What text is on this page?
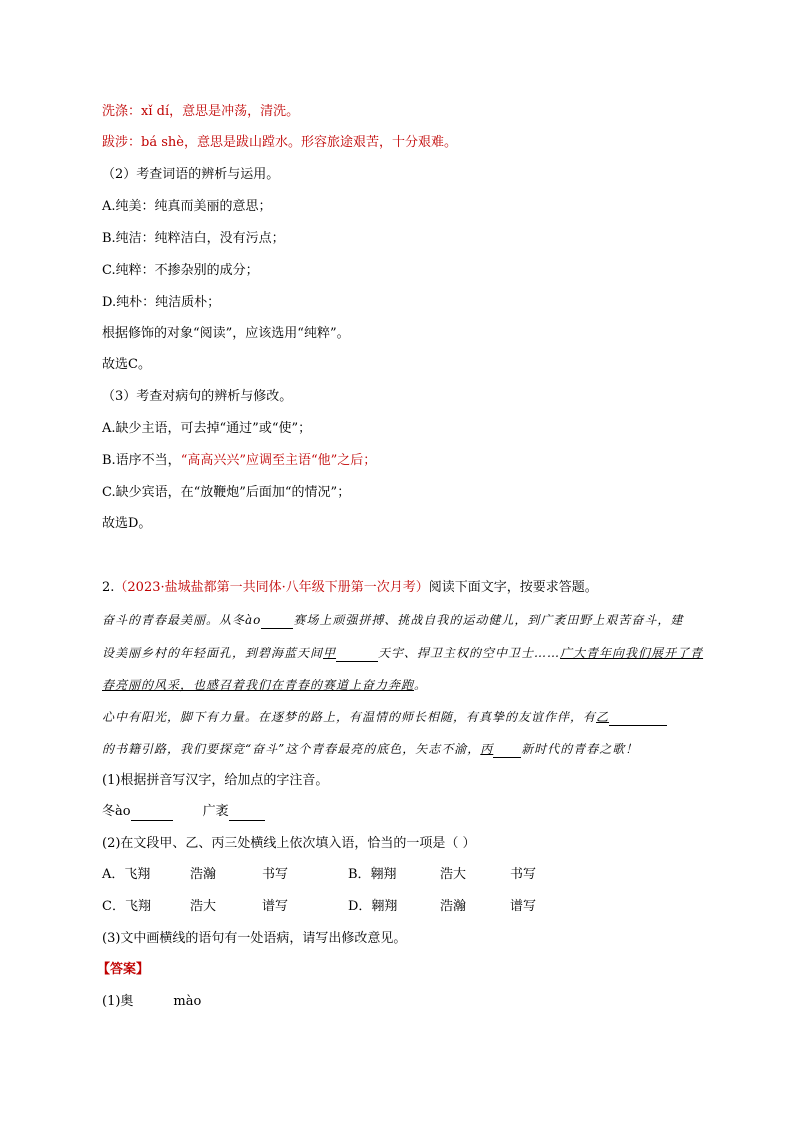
洗涤：xǐ dí，意思是冲荡，清洗。
跋涉：bá shè，意思是跋山蹚水。形容旅途艰苦，十分艰难。
（2）考查词语的辨析与运用。
A.纯美：纯真而美丽的意思；
B.纯洁：纯粹洁白，没有污点；
C.纯粹：不掺杂别的成分；
D.纯朴：纯洁质朴；
根据修饰的对象“阅读”，应该选用“纯粹”。
故选C。
（3）考查对病句的辨析与修改。
A.缺少主语，可去掉“通过”或“使”；
B.语序不当，“高高兴兴”应调至主语“他”之后；
C.缺少宾语，在“放鞭炮”后面加“的情况”；
故选D。
2.（2023·盐城盐都第一共同体·八年级下册第一次月考）阅读下面文字，按要求答题。
奋斗的青春最美丽。从冬ào	赛场上顽强拼搏、挑战自我的运动健儿，到广袤田野上艰苦奋斗，建
设美丽乡村的年轻面孔，到碧海蓝天间甲	天宇、捍卫主权的空中卫士……广大青年向我们展开了青
春亮丽的风采，也感召着我们在青春的赛道上奋力奔跑。
心中有阳光，脚下有力量。在逐梦的路上，有温情的师长相随，有真挚的友谊作伴，有乙
的书籍引路，我们要探竞“奋斗”这个青春最亮的底色，矢志不渝，丙 新时代的青春之歌！
(1)根据拼音写汉字，给加点的字注音。
冬ào	广袤
(2)在文段甲、乙、丙三处横线上依次填入语，恰当的一项是（ ）
A．飞翔	浩瀚	书写	B．翱翔	浩大	书写
C．飞翔	浩大	谱写	D．翱翔	浩瀚	谱写
(3)文中画横线的语句有一处语病，请写出修改意见。
【答案】
(1)奥	mào
